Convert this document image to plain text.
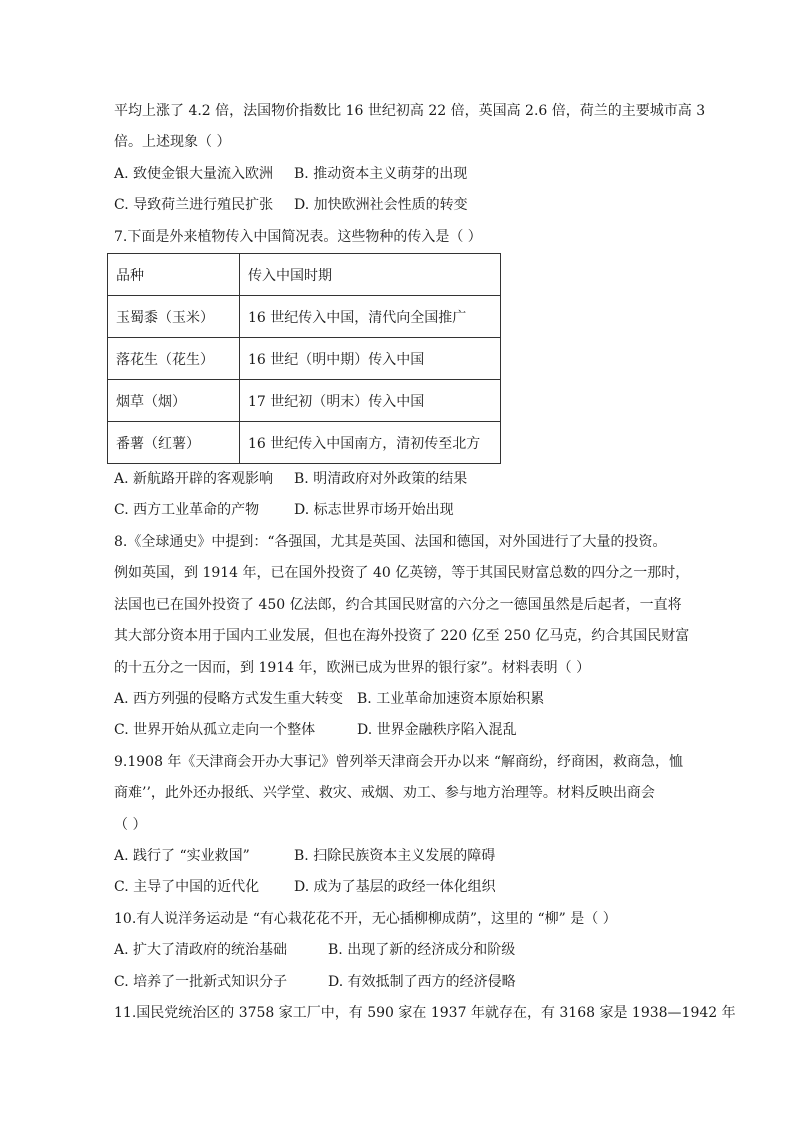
平均上涨了 4.2 倍，法国物价指数比 16 世纪初高 22 倍，英国高 2.6 倍，荷兰的主要城市高 3
倍。上述现象（ ）
A. 致使金银大量流入欧洲 B. 推动资本主义萌芽的出现
C. 导致荷兰进行殖民扩张 D. 加快欧洲社会性质的转变
7.下面是外来植物传入中国简况表。这些物种的传入是（ ）
品种	传入中国时期
玉蜀黍（玉米）	16 世纪传入中国，清代向全国推广
落花生（花生）	16 世纪（明中期）传入中国
烟草（烟）	17 世纪初（明末）传入中国
番薯（红薯）	16 世纪传入中国南方，清初传至北方
A. 新航路开辟的客观影响 B. 明清政府对外政策的结果
C. 西方工业革命的产物 D. 标志世界市场开始出现
8.《全球通史》中提到：“各强国，尤其是英国、法国和德国，对外国进行了大量的投资。
例如英国，到 1914 年，已在国外投资了 40 亿英镑，等于其国民财富总数的四分之一那时，
法国也已在国外投资了 450 亿法郎，约合其国民财富的六分之一德国虽然是后起者，一直将
其大部分资本用于国内工业发展，但也在海外投资了 220 亿至 250 亿马克，约合其国民财富
的十五分之一因而，到 1914 年，欧洲已成为世界的银行家”。材料表明（ ）
A. 西方列强的侵略方式发生重大转变 B. 工业革命加速资本原始积累
C. 世界开始从孤立走向一个整体	D. 世界金融秩序陷入混乱
9.1908 年《天津商会开办大事记》曾列举天津商会开办以来 “解商纷，纾商困，救商急，恤
商难’’，此外还办报纸、兴学堂、救灾、戒烟、劝工、参与地方治理等。材料反映出商会
（ ）
A. 践行了 “实业救国”	B. 扫除民族资本主义发展的障碍
C. 主导了中国的近代化 D. 成为了基层的政经一体化组织
10.有人说洋务运动是 “有心栽花花不开，无心插柳柳成荫”，这里的 “柳” 是（ ）
A. 扩大了清政府的统治基础	B. 出现了新的经济成分和阶级
C. 培养了一批新式知识分子	D. 有效抵制了西方的经济侵略
11.国民党统治区的 3758 家工厂中，有 590 家在 1937 年就存在，有 3168 家是 1938—1942 年
